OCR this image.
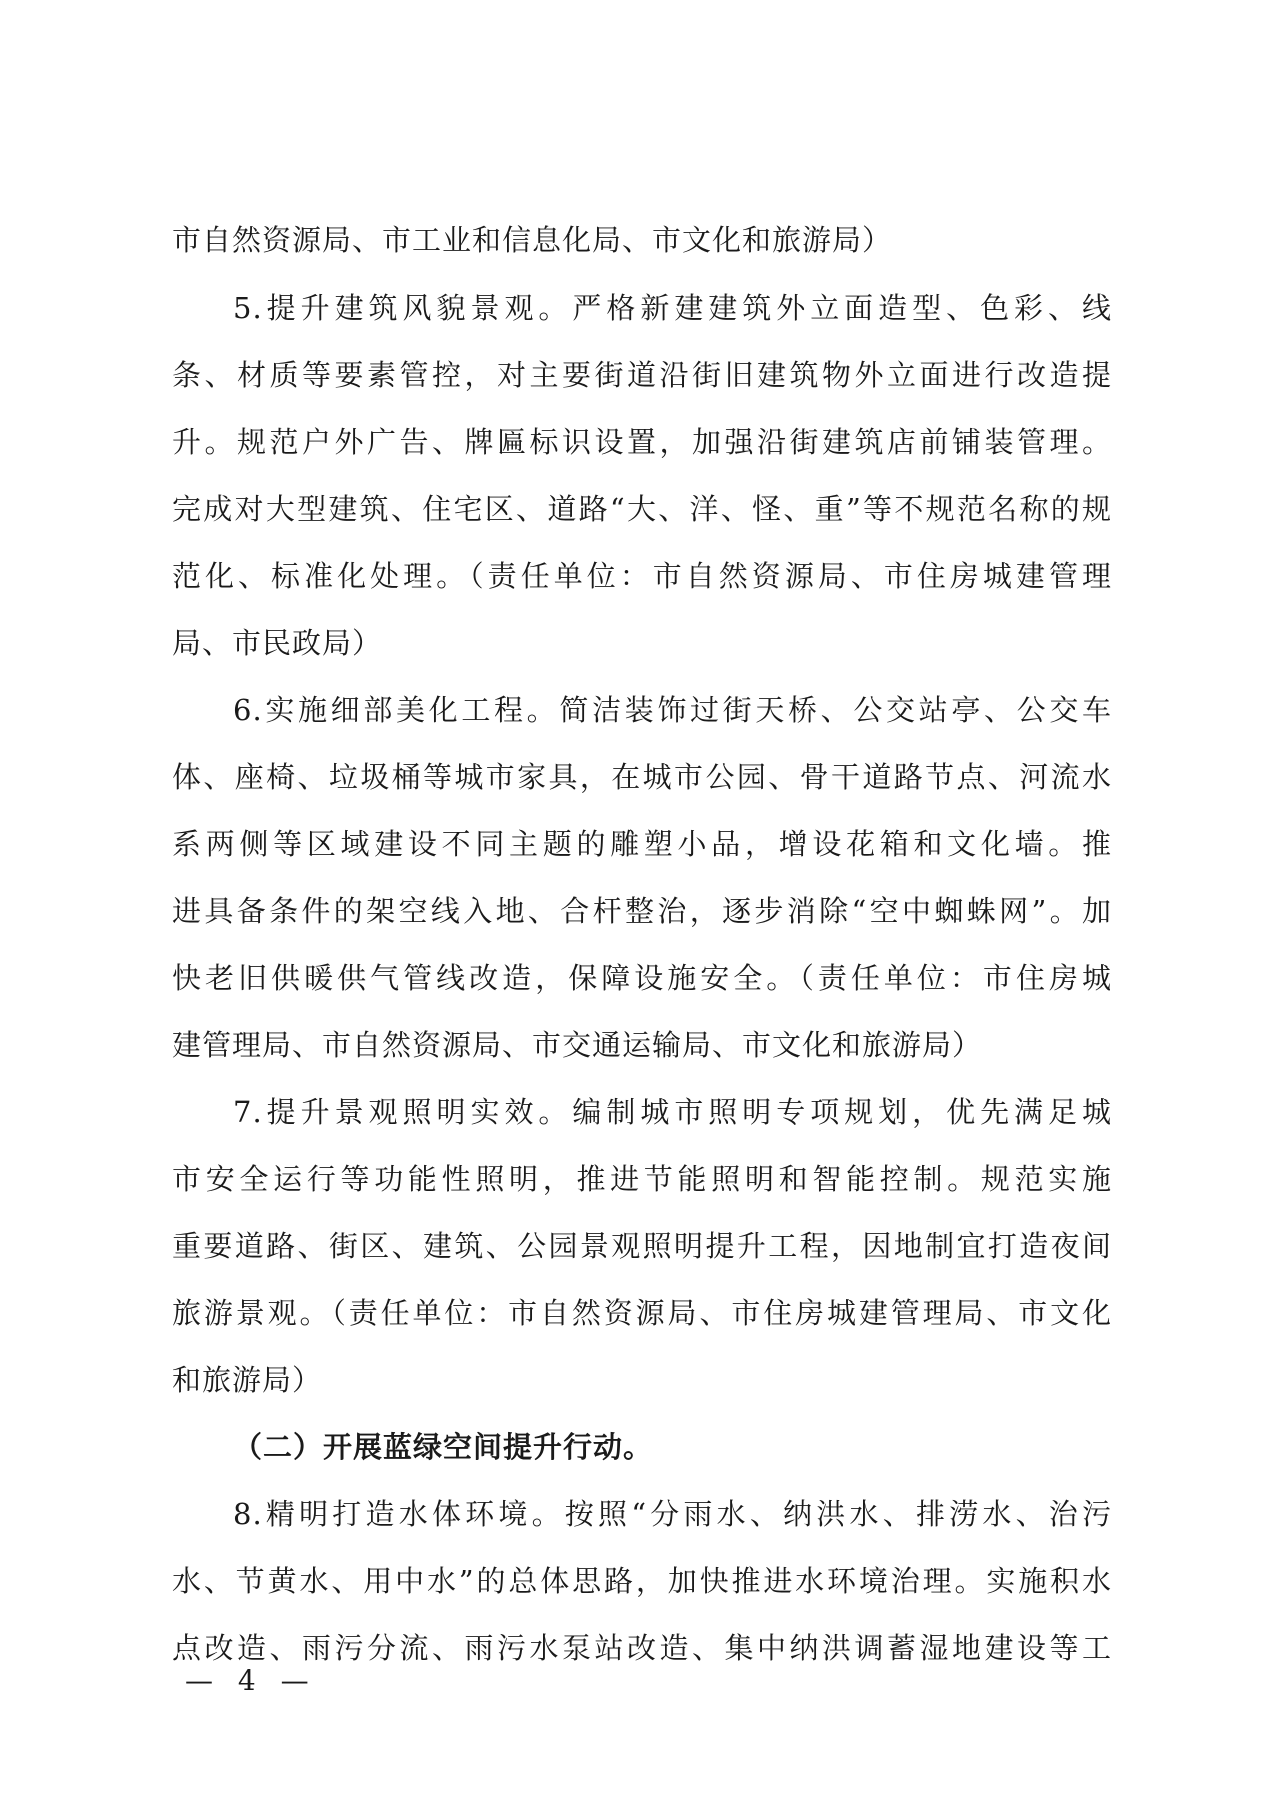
市自然资源局、市工业和信息化局、市文化和旅游局）
5.提升建筑风貌景观。严格新建建筑外立面造型、色彩、线
条、材质等要素管控，对主要街道沿街旧建筑物外立面进行改造提
升。规范户外广告、牌匾标识设置，加强沿街建筑店前铺装管理。
完成对大型建筑、住宅区、道路“大、洋、怪、重”等不规范名称的规
范化、标准化处理。（责任单位：市自然资源局、市住房城建管理
局、市民政局）
6.实施细部美化工程。简洁装饰过街天桥、公交站亭、公交车
体、座椅、垃圾桶等城市家具，在城市公园、骨干道路节点、河流水
系两侧等区域建设不同主题的雕塑小品，增设花箱和文化墙。推
进具备条件的架空线入地、合杆整治，逐步消除“空中蜘蛛网”。加
快老旧供暖供气管线改造，保障设施安全。（责任单位：市住房城
建管理局、市自然资源局、市交通运输局、市文化和旅游局）
7.提升景观照明实效。编制城市照明专项规划，优先满足城
市安全运行等功能性照明，推进节能照明和智能控制。规范实施
重要道路、街区、建筑、公园景观照明提升工程，因地制宜打造夜间
旅游景观。（责任单位：市自然资源局、市住房城建管理局、市文化
和旅游局）
（二）开展蓝绿空间提升行动。
8.精明打造水体环境。按照“分雨水、纳洪水、排涝水、治污
水、节黄水、用中水”的总体思路，加快推进水环境治理。实施积水
点改造、雨污分流、雨污水泵站改造、集中纳洪调蓄湿地建设等工
— 4 —
